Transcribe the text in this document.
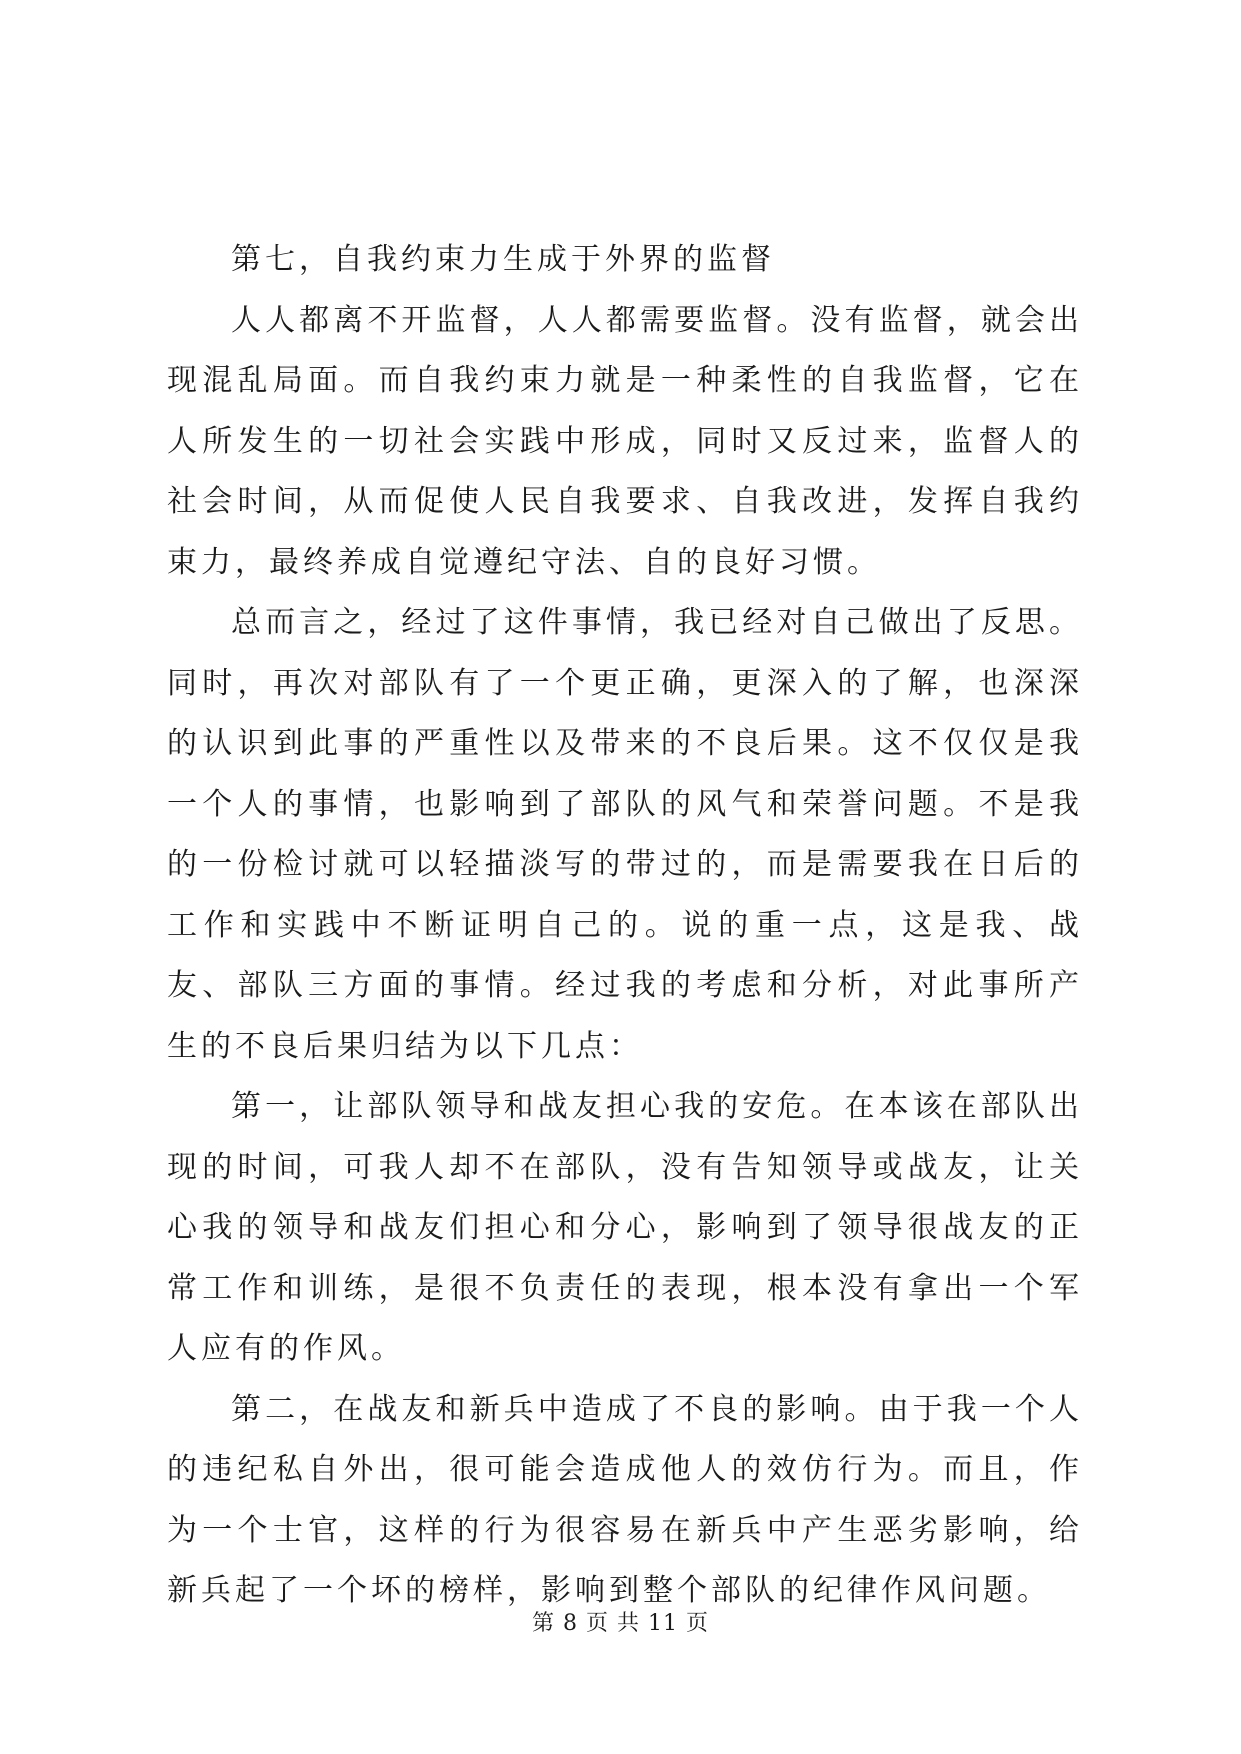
第七，自我约束力生成于外界的监督

人人都离不开监督，人人都需要监督。没有监督，就会出现混乱局面。而自我约束力就是一种柔性的自我监督，它在人所发生的一切社会实践中形成，同时又反过来，监督人的社会时间，从而促使人民自我要求、自我改进，发挥自我约束力，最终养成自觉遵纪守法、自的良好习惯。

总而言之，经过了这件事情，我已经对自己做出了反思。同时，再次对部队有了一个更正确，更深入的了解，也深深的认识到此事的严重性以及带来的不良后果。这不仅仅是我一个人的事情，也影响到了部队的风气和荣誉问题。不是我的一份检讨就可以轻描淡写的带过的，而是需要我在日后的工作和实践中不断证明自己的。说的重一点，这是我、战友、部队三方面的事情。经过我的考虑和分析，对此事所产生的不良后果归结为以下几点：

第一，让部队领导和战友担心我的安危。在本该在部队出现的时间，可我人却不在部队，没有告知领导或战友，让关心我的领导和战友们担心和分心，影响到了领导很战友的正常工作和训练，是很不负责任的表现，根本没有拿出一个军人应有的作风。

第二，在战友和新兵中造成了不良的影响。由于我一个人的违纪私自外出，很可能会造成他人的效仿行为。而且，作为一个士官，这样的行为很容易在新兵中产生恶劣影响，给新兵起了一个坏的榜样，影响到整个部队的纪律作风问题。

第 8 页 共 11 页
